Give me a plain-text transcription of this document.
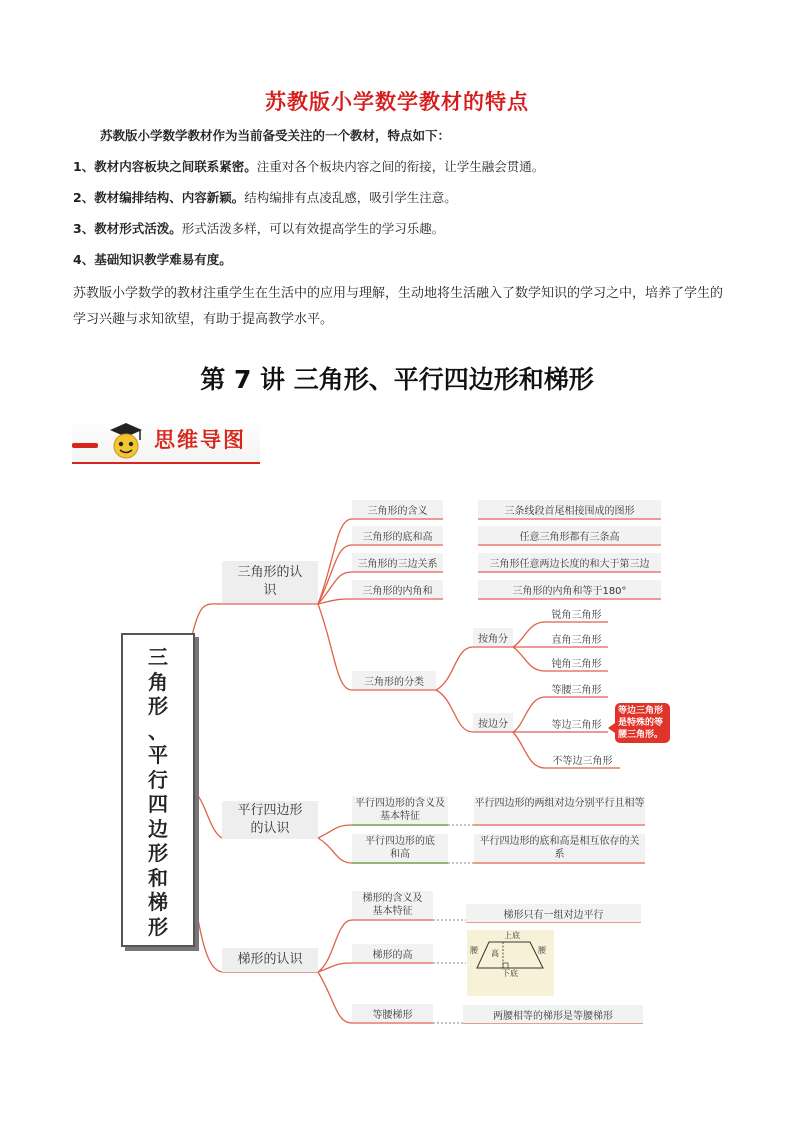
苏教版小学数学教材的特点
苏教版小学数学教材作为当前备受关注的一个教材，特点如下：
1、教材内容板块之间联系紧密。注重对各个板块内容之间的衔接，让学生融会贯通。
2、教材编排结构、内容新颖。结构编排有点凌乱感，吸引学生注意。
3、教材形式活泼。形式活泼多样，可以有效提高学生的学习乐趣。
4、基础知识教学难易有度。
苏教版小学数学的教材注重学生在生活中的应用与理解，生动地将生活融入了数学知识的学习之中，培养了学生的学习兴趣与求知欲望，有助于提高教学水平。
第 7 讲 三角形、平行四边形和梯形
思维导图
三
角
形
、
平
行
四
边
形
和
梯
形
三角形的认识
平行四边形的认识
梯形的认识
三角形的含义	三条线段首尾相接围成的图形
三角形的底和高	任意三角形都有三条高
三角形的三边关系	三角形任意两边长度的和大于第三边
三角形的内角和	三角形的内角和等于180°
三角形的分类
按角分
按边分
锐角三角形
直角三角形
钝角三角形
等腰三角形
等边三角形
不等边三角形
等边三角形是特殊的等腰三角形。
平行四边形的含义及基本特征
平行四边形的两组对边分别平行且相等
平行四边形的底和高
平行四边形的底和高是相互依存的关系
梯形的含义及基本特征	梯形只有一组对边平行
梯形的高
上底
下底
腰	腰
高
等腰梯形	两腰相等的梯形是等腰梯形
